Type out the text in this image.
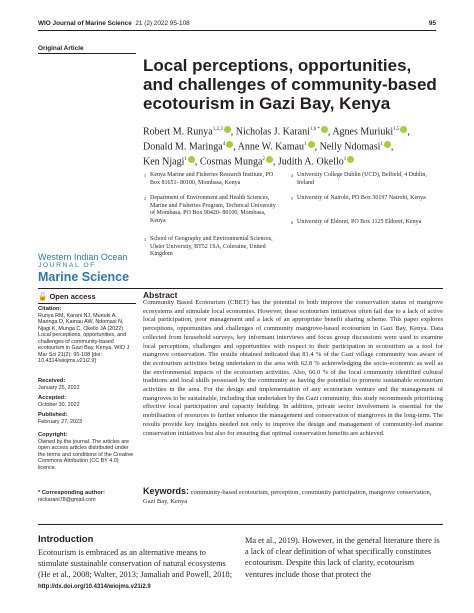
WIO Journal of Marine Science 21 (2) 2022 95-108	95
Original Article
Local perceptions, opportunities, and challenges of community-based ecotourism in Gazi Bay, Kenya
Robert M. Runya$^{1,2,3}$ , Nicholas J. Karani$^{1,6 *}$ , Agnes Muriuki$^{1,5}$ ,
Donald M. Maringa$^4$ , Anne W. Kamau$^1$ , Nelly Ndomasi$^1$ ,
Ken Njagi$^1$ , Cosmas Munga$^2$ , Judith A. Okello$^1$
1 Kenya Marine and Fisheries Research Institute, PO Box 81651- 80100, Mombasa, Kenya
2 Department of Environment and Health Sciences, Marine and Fisheries Program, Technical University of Mombasa, PO Box 90420- 80100, Mombasa, Kenya
3 School of Geography and Environmental Sciences, Ulster University, BT52 1SA, Coleraine, United Kingdom
4 University College Dublin (UCD), Belfield, 4 Dublin, Ireland
5 University of Nairobi, PO Box 30197 Nairobi, Kenya
6 University of Eldoret, PO Box 1125 Eldoret, Kenya
Western Indian Ocean
JOURNAL OF
Marine Science
🔓 Open access
Citation:
Runya RM, Karani NJ, Muriuki A, Maringa D, Kamau AW, Ndomasi N, Njagi K, Munga C, Okello JA (2022) Local perceptions, opportunities, and challenges of community-based ecotourism in Gazi Bay, Kenya. WIO J Mar Sci 21(2): 95-108 [doi: 10.4314/wiojms.v21i2.9]
Received:
January 25, 2022
Accepted:
October 30, 2022
Published:
February 27, 2023
Copyright:
Owned by the journal. The articles are open access articles distributed under the terms and conditions of the Creative Commons Attribution (CC BY 4.0) licence.
* Corresponding author:
nickarani78@gmail.com
Abstract
Community Based Ecotourism (CBET) has the potential to both improve the conservation status of mangrove ecosystems and stimulate local economies. However, these ecotourism initiatives often fail due to a lack of active local participation, poor management and a lack of an appropriate benefit sharing scheme. This paper explores perceptions, opportunities and challenges of community mangrove-based ecotourism in Gazi Bay, Kenya. Data collected from household surveys, key informant interviews and focus group discussions were used to examine local perceptions, challenges and opportunities with respect to their participation in ecotourism as a tool for mangrove conservation. The results obtained indicated that 81.4 % of the Gazi village community was aware of the ecotourism activities being undertaken in the area with 62.8 % acknowledging the socio-economic as well as the environmental impacts of the ecotourism activities. Also, 66.0 % of the local community identified cultural traditions and local skills possessed by the community as having the potential to promote sustainable ecotourism activities in the area. For the design and implementation of any ecotourism venture and the management of mangroves to be sustainable, including that undertaken by the Gazi community, this study recommends prioritising effective local participation and capacity building. In addition, private sector involvement is essential for the mobilisation of resources to further enhance the management and conservation of mangroves in the long-term. The results provide key insights needed not only to improve the design and management of community-led marine conservation initiatives but also for ensuring that optimal conservation benefits are achieved.
Keywords: community-based ecotourism, perception, community participation, mangrove conservation, Gazi Bay, Kenya
Introduction
Ecotourism is embraced as an alternative means to stimulate sustainable conservation of natural ecosystems (He et al., 2008; Walter, 2013; Jamaliah and Powell, 2018;
Ma et al., 2019). However, in the general literature there is a lack of clear definition of what specifically constitutes ecotourism. Despite this lack of clarity, ecotourism ventures include those that protect the
http://dx.doi.org/10.4314/wiojms.v21i2.9
